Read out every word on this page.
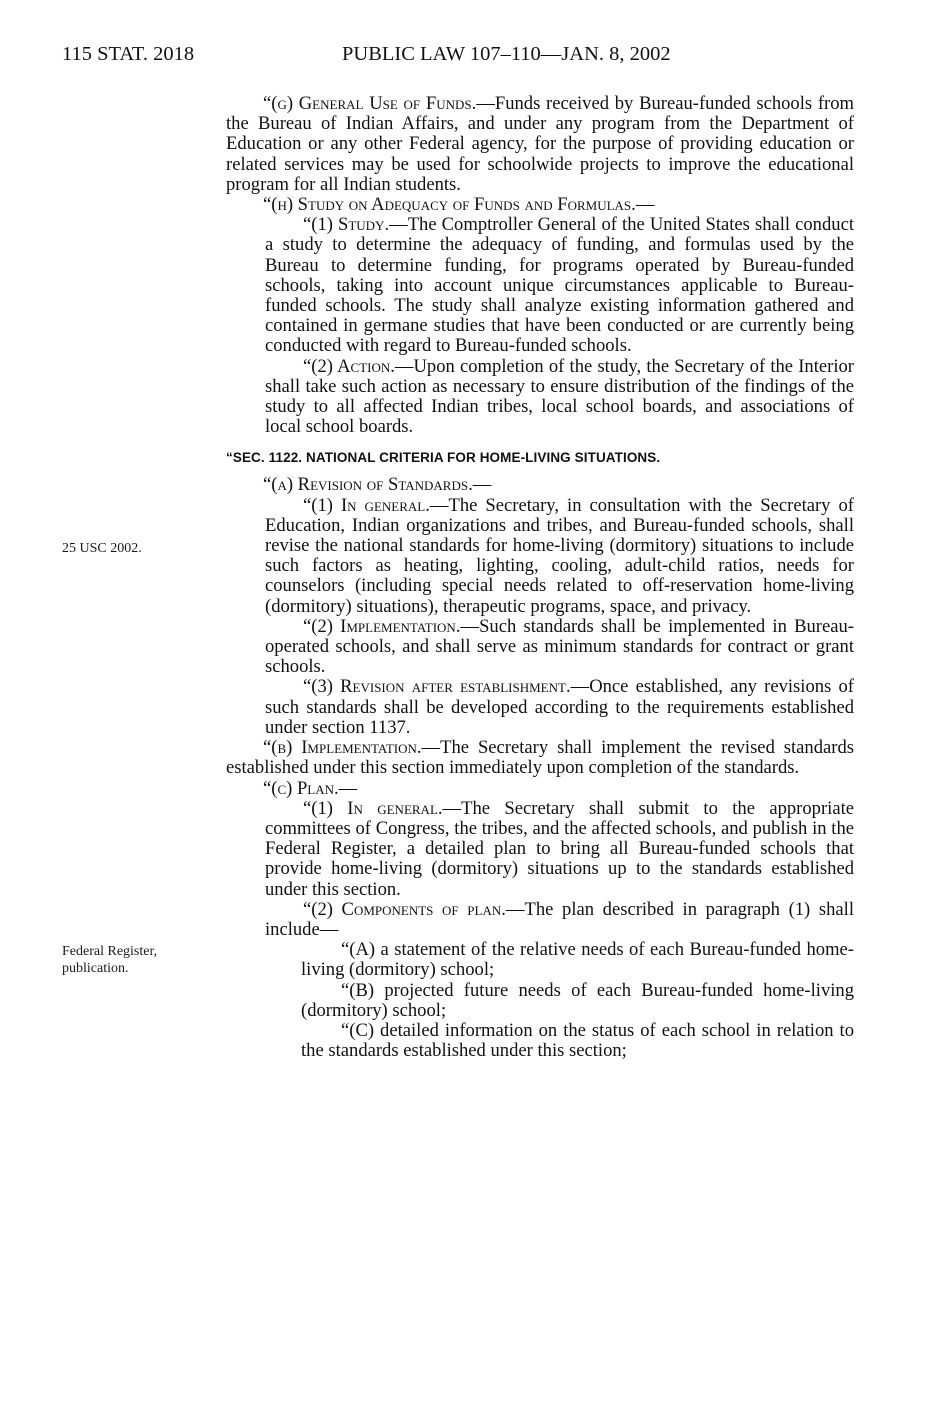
115 STAT. 2018	PUBLIC LAW 107–110—JAN. 8, 2002
25 USC 2002.
Federal Register,
publication.

“(g) General Use of Funds.—Funds received by Bureau-funded schools from the Bureau of Indian Affairs, and under any program from the Department of Education or any other Federal agency, for the purpose of providing education or related services may be used for schoolwide projects to improve the educational program for all Indian students.

“(h) Study on Adequacy of Funds and Formulas.—

“(1) Study.—The Comptroller General of the United States shall conduct a study to determine the adequacy of funding, and formulas used by the Bureau to determine funding, for programs operated by Bureau-funded schools, taking into account unique circumstances applicable to Bureau-funded schools. The study shall analyze existing information gathered and contained in germane studies that have been conducted or are currently being conducted with regard to Bureau-funded schools.

“(2) Action.—Upon completion of the study, the Secretary of the Interior shall take such action as necessary to ensure distribution of the findings of the study to all affected Indian tribes, local school boards, and associations of local school boards.

“SEC. 1122. NATIONAL CRITERIA FOR HOME-LIVING SITUATIONS.

“(a) Revision of Standards.—

“(1) In general.—The Secretary, in consultation with the Secretary of Education, Indian organizations and tribes, and Bureau-funded schools, shall revise the national standards for home-living (dormitory) situations to include such factors as heating, lighting, cooling, adult-child ratios, needs for counselors (including special needs related to off-reservation home-living (dormitory) situations), therapeutic programs, space, and privacy.

“(2) Implementation.—Such standards shall be implemented in Bureau-operated schools, and shall serve as minimum standards for contract or grant schools.

“(3) Revision after establishment.—Once established, any revisions of such standards shall be developed according to the requirements established under section 1137.

“(b) Implementation.—The Secretary shall implement the revised standards established under this section immediately upon completion of the standards.

“(c) Plan.—

“(1) In general.—The Secretary shall submit to the appropriate committees of Congress, the tribes, and the affected schools, and publish in the Federal Register, a detailed plan to bring all Bureau-funded schools that provide home-living (dormitory) situations up to the standards established under this section.

“(2) Components of plan.—The plan described in paragraph (1) shall include—

“(A) a statement of the relative needs of each Bureau-funded home-living (dormitory) school;

“(B) projected future needs of each Bureau-funded home-living (dormitory) school;

“(C) detailed information on the status of each school in relation to the standards established under this section;
